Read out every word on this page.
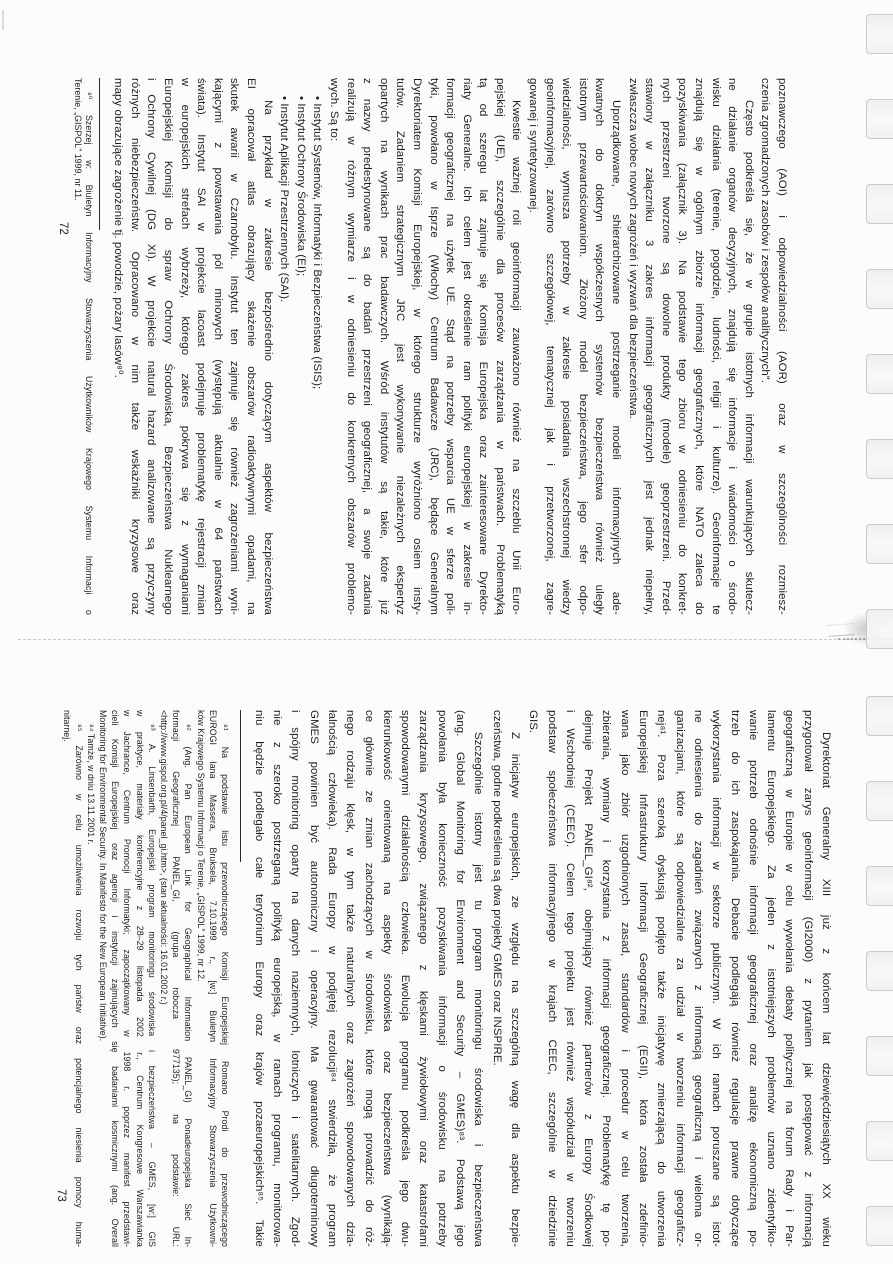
poznawczego (AOI) i odpowiedzialności (AOR) oraz w szczególności rozmiesz-
czenia zgromadzonych zasobów i zespołów analitycznych”.
Często podkreśla się, że w grupie istotnych informacji warunkujących skutecz-
ne działanie organów decyzyjnych, znajdują się informacje i wiadomości o środo-
wisku działania (terenie, pogodzie, ludności, religii i kulturze). Geoinformacje te
znajdują się w ogólnym zbiorze informacji geograficznych, które NATO zaleca do
pozyskiwania (załącznik 3). Na podstawie tego zbioru w odniesieniu do konkret-
nych przestrzeni tworzone są dowolne produkty (modele) geoprzestrzeni. Przed-
stawiony w załączniku 3 zakres informacji geograficznych jest jednak niepełny,
zwłaszcza wobec nowych zagrożeń i wyzwań dla bezpieczeństwa.
Uporządkowane, shierarchizowane postrzeganie modeli informacyjnych ade-
kwatnych do doktryn współczesnych systemów bezpieczeństwa również uległy
istotnym przewartościowaniom. Złożony model bezpieczeństwa, jego sfer odpo-
wiedzialności, wymusza potrzeby w zakresie posiadania wszechstronnej wiedzy
geoinformacyjnej, zarówno szczegółowej, tematycznej jak i przetworzonej, zagre-
gowanej i syntetyzowanej.
Kwestie ważnej roli geoinformacji zauważono również na szczeblu Unii Euro-
pejskiej (UE), szczególnie dla procesów zarządzania w państwach. Problematyką
tą od szeregu lat zajmuje się Komisja Europejska oraz zainteresowane Dyrekto-
riaty Generalne. Ich celem jest określenie ram polityki europejskiej w zakresie in-
formacji geograficznej na użytek UE. Stąd na potrzeby wsparcia UE w sferze poli-
tyki, powołano w Isprze (Włochy) Centrum Badawcze (JRC), będące Generalnym
Dyrektoriatem Komisji Europejskiej, w którego strukturze wyróżniono osiem insty-
tutów. Zadaniem strategicznym JRC jest wykonywanie niezależnych ekspertyz
opartych na wynikach prac badawczych. Wśród instytutów są takie, które już
z nazwy predestynowane są do badań przestrzeni geograficznej, a swoje zadania
realizują w różnym wymiarze i w odniesieniu do konkretnych obszarów problemo-
wych. Są to:
• Instytut Systemów, Informatyki i Bezpieczeństwa (ISIS);
• Instytut Ochrony Środowiska (EI);
• Instytut Aplikacji Przestrzennych (SAI).
Na przykład w zakresie bezpośrednio dotyczącym aspektów bezpieczeństwa
EI opracował atlas obrazujący skażenie obszarów radioaktywnymi opadami, na
skutek awarii w Czarnobylu. Instytut ten zajmuje się również zagrożeniami wyni-
kającymi z powstawania pól minowych (występują aktualnie w 64 państwach
świata). Instytut SAI w projekcie lacoast podejmuje problematykę rejestracji zmian
w europejskich strefach wybrzeży, którego zakres pokrywa się z wymaganiami
Europejskiej Komisji do spraw Ochrony Środowiska, Bezpieczeństwa Nuklearnego
i Ochrony Cywilnej (DG XI). W projekcie natural hazard analizowane są przyczyny
różnych niebezpieczeństw. Opracowano w nim także wskaźniki kryzysowe oraz
mapy obrazujące zagrożenie tj. powodzie, pożary lasów⁸⁰.
⁸⁰ Szerzej w: Biuletyn Informacyjny Stowarzyszenia Użytkowników Krajowego Systemu Informacji o
Terenie, „GISPOL” 1999, nr 11.
72
Dyrektoriat Generalny XIII już z końcem lat dziewięćdziesiątych XX wieku
przygotował zarys geoinformacji (GI2000) z pytaniem jak postępować z informacją
geograficzną w Europie w celu wywołania debaty politycznej na forum Rady i Par-
lamentu Europejskiego. Za jeden z istotniejszych problemów uznano zidentyfiko-
wanie potrzeb odnośnie informacji geograficznej oraz analizę ekonomiczną po-
trzeb do ich zaspokajania. Debacie podlegają również regulacje prawne dotyczące
wykorzystania informacji w sektorze publicznym. W ich ramach poruszane są istot-
ne odniesienia do zagadnień związanych z informacją geograficzną i wieloma or-
ganizacjami, które są odpowiedzialne za udział w tworzeniu informacji geograficz-
nej⁸¹. Poza szeroką dyskusją podjęto także inicjatywę zmierzającą do utworzenia
Europejskiej Infrastruktury Informacji Geograficznej (EGII), która została zdefinio-
wana jako zbiór uzgodnionych zasad, standardów i procedur w celu tworzenia,
zbierania, wymiany i korzystania z informacji geograficznej. Problematykę tę po-
dejmuje Projekt PANEL_GI⁸², obejmujący również partnerów z Europy Środkowej
i Wschodniej (CEEC). Celem tego projektu jest również współudział w tworzeniu
podstaw społeczeństwa informacyjnego w krajach CEEC, szczególnie w dziedzinie
GIS.
Z inicjatyw europejskich, ze względu na szczególną wagę dla aspektu bezpie-
czeństwa, godne podkreślenia są dwa projekty GMES oraz INSPIRE.
Szczególnie istotny jest tu program monitoringu środowiska i bezpieczeństwa
(ang. Global Monitoring for Environment and Security – GMES)⁸³. Podstawą jego
powołania była konieczność pozyskiwania informacji o środowisku na potrzeby
zarządzania kryzysowego, związanego z klęskami żywiołowymi oraz katastrofami
spowodowanymi działalnością człowieka. Ewolucja programu podkreśla jego dwu-
kierunkowość orientowaną na aspekty środowiska oraz bezpieczeństwa (wynikają-
ce głównie ze zmian zachodzących w środowisku, które mogą prowadzić do róż-
nego rodzaju klęsk, w tym także naturalnych oraz zagrożeń spowodowanych dzia-
łalnością człowieka). Rada Europy w podjętej rezolucji⁸⁴ stwierdziła, że program
GMES powinien być autonomiczny i operacyjny. Ma gwarantować długoterminowy
i spójny monitoring oparty na danych naziemnych, lotniczych i satelitarnych. Zgod-
nie z szeroko postrzeganą polityką europejską, w ramach programu, monitorowa-
niu będzie podlegało całe terytorium Europy oraz krajów pozaeuropejskich⁸⁵. Takie
⁸¹ Na podstawie listu przewodniczącego Komisji Europejskiej Romano Prodi do przewodniczącego
EUROGI Iana Massera, Bruksela, 7.10.1999 r., [w:] Biuletyn Informacyjny Stowarzyszenia Użytkowni-
ków Krajowego Systemu Informacji o Terenie, „GISPOL” 1999, nr 12.
⁸² (Ang. Pan European Link for Geographical Information PANEL_GI) Ponadeuropejska Sieć In-
formacji Geograficznej PANEL_GI, (grupa robocza 977135); na podstawie: URL:
<http://www.gispol.org.pl/4/panel_gi.htm>, (stan aktualności: 16.01.2002 r.)
⁸³ A. Linsenbarth, Europejski program monitoringu środowiska i bezpieczeństwa – GMES, [w:] GIS
w praktyce, materiały konferencyjne z 28–29 listopada 2002 r., Centrum Kongresowe Warszawianka
w Jachrance, Centrum Promocji Informatyki; zapoczątkowany w 1998 r. poprzez manifest przedstawi-
cieli Komisji Europejskiej oraz agencji i instytucji zajmujących się badaniami kosmicznymi (ang. Overall
Monitoring for Environmental Security. In Manifesto for the New European Initiative).
⁸⁴ Tamże, w dniu 13.11.2001 r.
⁸⁵ Zarówno w celu umożliwienia rozwoju tych państw oraz potencjalnego niesienia pomocy huma-
nitarnej.
73
